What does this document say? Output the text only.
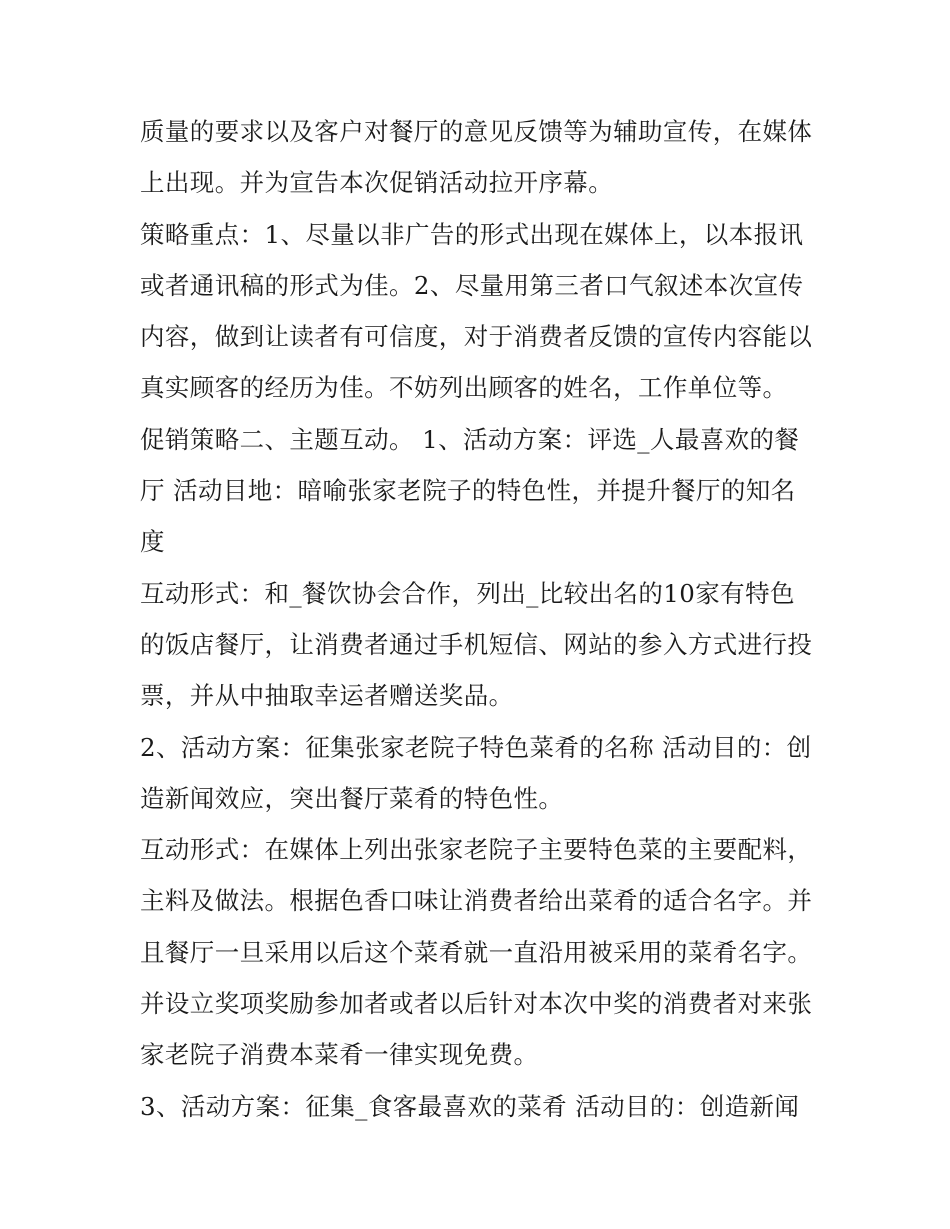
质量的要求以及客户对餐厅的意见反馈等为辅助宣传，在媒体
上出现。并为宣告本次促销活动拉开序幕。
策略重点：1、尽量以非广告的形式出现在媒体上，以本报讯
或者通讯稿的形式为佳。2、尽量用第三者口气叙述本次宣传
内容，做到让读者有可信度，对于消费者反馈的宣传内容能以
真实顾客的经历为佳。不妨列出顾客的姓名，工作单位等。
促销策略二、主题互动。 1、活动方案：评选_人最喜欢的餐
厅 活动目地：暗喻张家老院子的特色性，并提升餐厅的知名
度
互动形式：和_餐饮协会合作，列出_比较出名的10家有特色
的饭店餐厅，让消费者通过手机短信、网站的参入方式进行投
票，并从中抽取幸运者赠送奖品。
2、活动方案：征集张家老院子特色菜肴的名称 活动目的：创
造新闻效应，突出餐厅菜肴的特色性。
互动形式：在媒体上列出张家老院子主要特色菜的主要配料，
主料及做法。根据色香口味让消费者给出菜肴的适合名字。并
且餐厅一旦采用以后这个菜肴就一直沿用被采用的菜肴名字。
并设立奖项奖励参加者或者以后针对本次中奖的消费者对来张
家老院子消费本菜肴一律实现免费。
3、活动方案：征集_食客最喜欢的菜肴 活动目的：创造新闻
